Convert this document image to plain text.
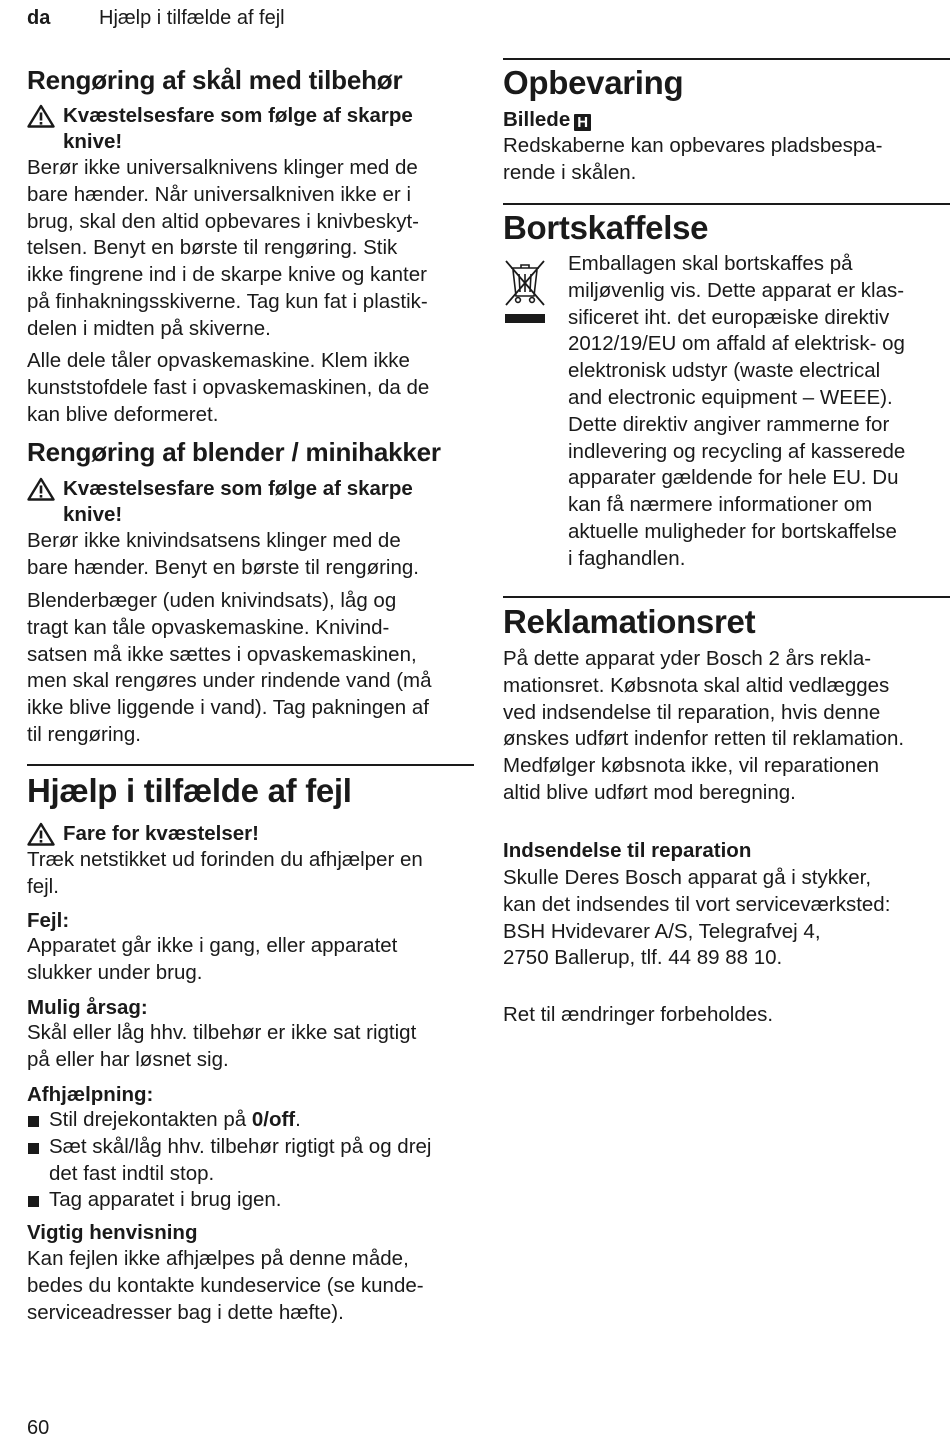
da Hjælp i tilfælde af fejl
Rengøring af skål med tilbehør
Kvæstelsesfare som følge af skarpe
knive!
Berør ikke universalknivens klinger med de
bare hænder. Når universalkniven ikke er i
brug, skal den altid opbevares i knivbeskyt-
telsen. Benyt en børste til rengøring. Stik
ikke fingrene ind i de skarpe knive og kanter
på finhakningsskiverne. Tag kun fat i plastik-
delen i midten på skiverne.
Alle dele tåler opvaskemaskine. Klem ikke
kunststofdele fast i opvaskemaskinen, da de
kan blive deformeret.
Rengøring af blender / minihakker
Kvæstelsesfare som følge af skarpe
knive!
Berør ikke knivindsatsens klinger med de
bare hænder. Benyt en børste til rengøring.
Blenderbæger (uden knivindsats), låg og
tragt kan tåle opvaskemaskine. Knivind-
satsen må ikke sættes i opvaskemaskinen,
men skal rengøres under rindende vand (må
ikke blive liggende i vand). Tag pakningen af
til rengøring.
Hjælp i tilfælde af fejl
Fare for kvæstelser!
Træk netstikket ud forinden du afhjælper en
fejl.
Fejl:
Apparatet går ikke i gang, eller apparatet
slukker under brug.
Mulig årsag:
Skål eller låg hhv. tilbehør er ikke sat rigtigt
på eller har løsnet sig.
Afhjælpning:
Stil drejekontakten på 0/off.
Sæt skål/låg hhv. tilbehør rigtigt på og drej
det fast indtil stop.
Tag apparatet i brug igen.
Vigtig henvisning
Kan fejlen ikke afhjælpes på denne måde,
bedes du kontakte kundeservice (se kunde-
serviceadresser bag i dette hæfte).
Opbevaring
Billede H
Redskaberne kan opbevares pladsbespa-
rende i skålen.
Bortskaffelse
Emballagen skal bortskaffes på
miljøvenlig vis. Dette apparat er klas-
sificeret iht. det europæiske direktiv
2012/19/EU om affald af elektrisk- og
elektronisk udstyr (waste electrical
and electronic equipment – WEEE).
Dette direktiv angiver rammerne for
indlevering og recycling af kasserede
apparater gældende for hele EU. Du
kan få nærmere informationer om
aktuelle muligheder for bortskaffelse
i faghandlen.
Reklamationsret
På dette apparat yder Bosch 2 års rekla-
mationsret. Købsnota skal altid vedlægges
ved indsendelse til reparation, hvis denne
ønskes udført indenfor retten til reklamation.
Medfølger købsnota ikke, vil reparationen
altid blive udført mod beregning.
Indsendelse til reparation
Skulle Deres Bosch apparat gå i stykker,
kan det indsendes til vort serviceværksted:
BSH Hvidevarer A/S, Telegrafvej 4,
2750 Ballerup, tlf. 44 89 88 10.
Ret til ændringer forbeholdes.
60
